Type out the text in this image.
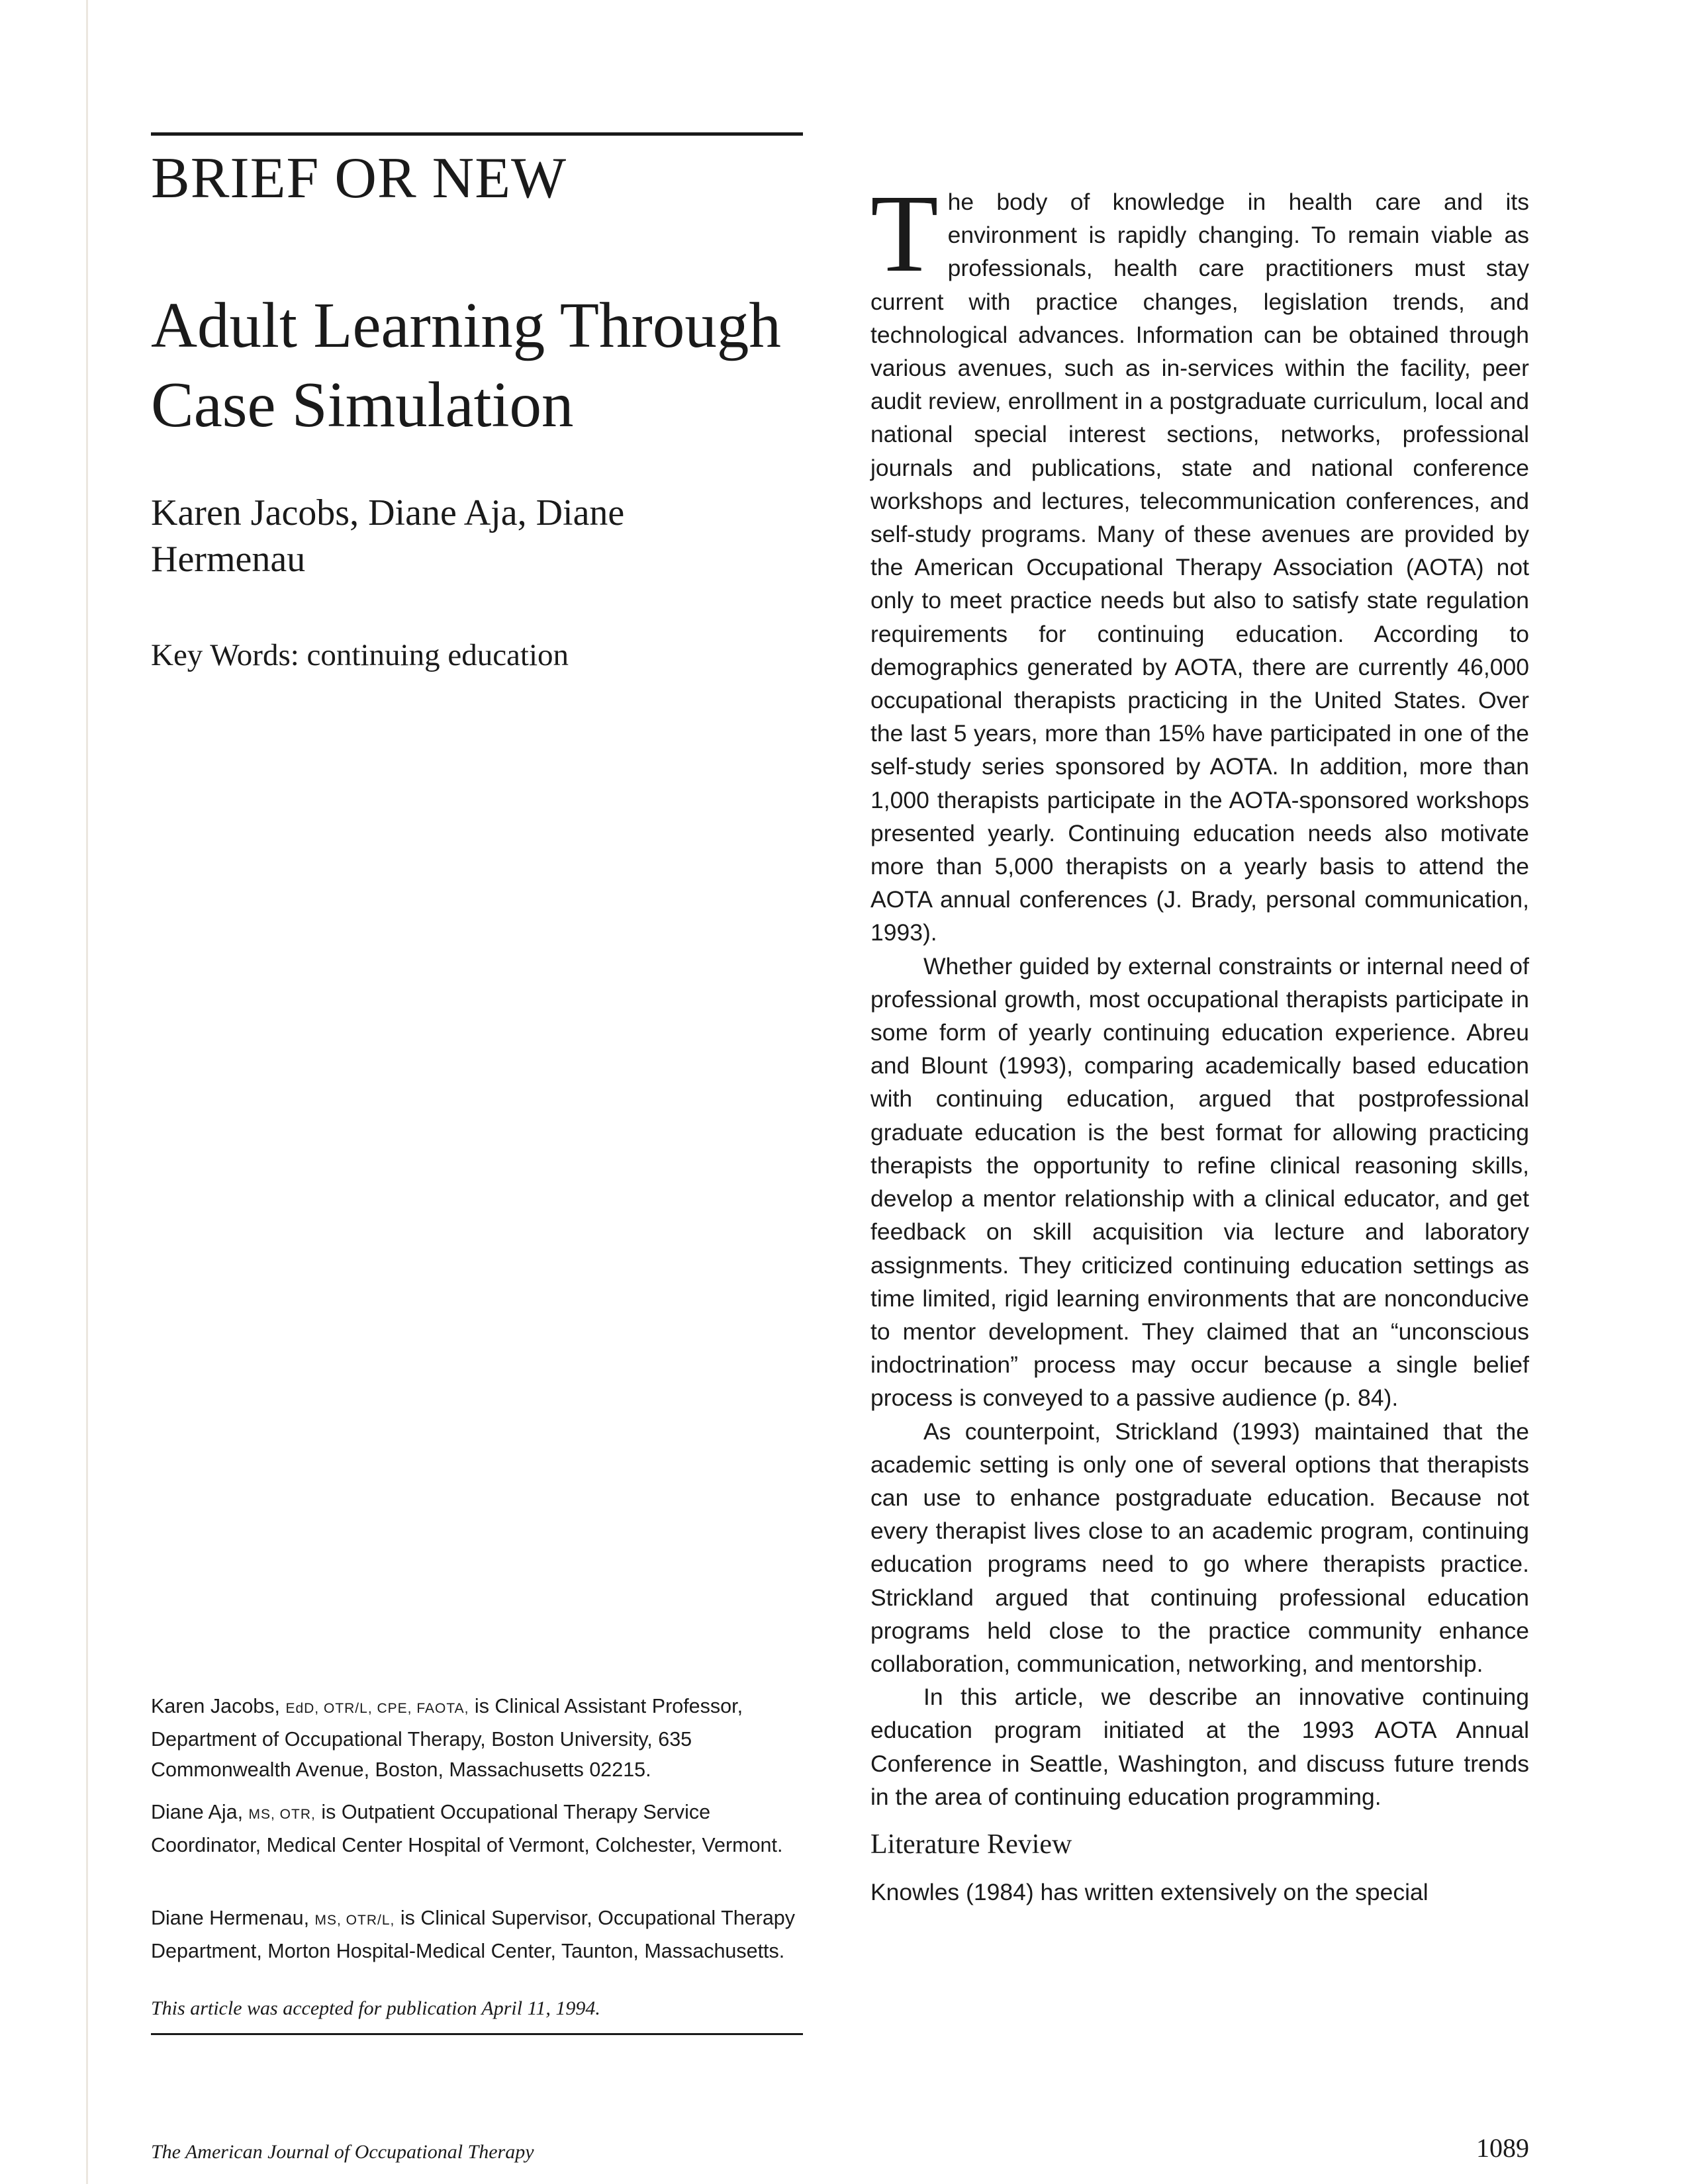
BRIEF OR NEW
Adult Learning Through Case Simulation
Karen Jacobs, Diane Aja, Diane Hermenau
Key Words: continuing education
Karen Jacobs, EdD, OTR/L, CPE, FAOTA, is Clinical Assistant Professor, Department of Occupational Therapy, Boston University, 635 Commonwealth Avenue, Boston, Massachusetts 02215.
Diane Aja, MS, OTR, is Outpatient Occupational Therapy Service Coordinator, Medical Center Hospital of Vermont, Colchester, Vermont.
Diane Hermenau, MS, OTR/L, is Clinical Supervisor, Occupational Therapy Department, Morton Hospital-Medical Center, Taunton, Massachusetts.
This article was accepted for publication April 11, 1994.

The body of knowledge in health care and its environment is rapidly changing. To remain viable as professionals, health care practitioners must stay current with practice changes, legislation trends, and technological advances. Information can be obtained through various avenues, such as in-services within the facility, peer audit review, enrollment in a postgraduate curriculum, local and national special interest sections, networks, professional journals and publications, state and national conference workshops and lectures, telecommunication conferences, and self-study programs. Many of these avenues are provided by the American Occupational Therapy Association (AOTA) not only to meet practice needs but also to satisfy state regulation requirements for continuing education. According to demographics generated by AOTA, there are currently 46,000 occupational therapists practicing in the United States. Over the last 5 years, more than 15% have participated in one of the self-study series sponsored by AOTA. In addition, more than 1,000 therapists participate in the AOTA-sponsored workshops presented yearly. Continuing education needs also motivate more than 5,000 therapists on a yearly basis to attend the AOTA annual conferences (J. Brady, personal communication, 1993).

Whether guided by external constraints or internal need of professional growth, most occupational therapists participate in some form of yearly continuing education experience. Abreu and Blount (1993), comparing academically based education with continuing education, argued that postprofessional graduate education is the best format for allowing practicing therapists the opportunity to refine clinical reasoning skills, develop a mentor relationship with a clinical educator, and get feedback on skill acquisition via lecture and laboratory assignments. They criticized continuing education settings as time limited, rigid learning environments that are nonconducive to mentor development. They claimed that an “unconscious indoctrination” process may occur because a single belief process is conveyed to a passive audience (p. 84).

As counterpoint, Strickland (1993) maintained that the academic setting is only one of several options that therapists can use to enhance postgraduate education. Because not every therapist lives close to an academic program, continuing education programs need to go where therapists practice. Strickland argued that continuing professional education programs held close to the practice community enhance collaboration, communication, networking, and mentorship.

In this article, we describe an innovative continuing education program initiated at the 1993 AOTA Annual Conference in Seattle, Washington, and discuss future trends in the area of continuing education programming.

Literature Review

Knowles (1984) has written extensively on the special

The American Journal of Occupational Therapy	1089
